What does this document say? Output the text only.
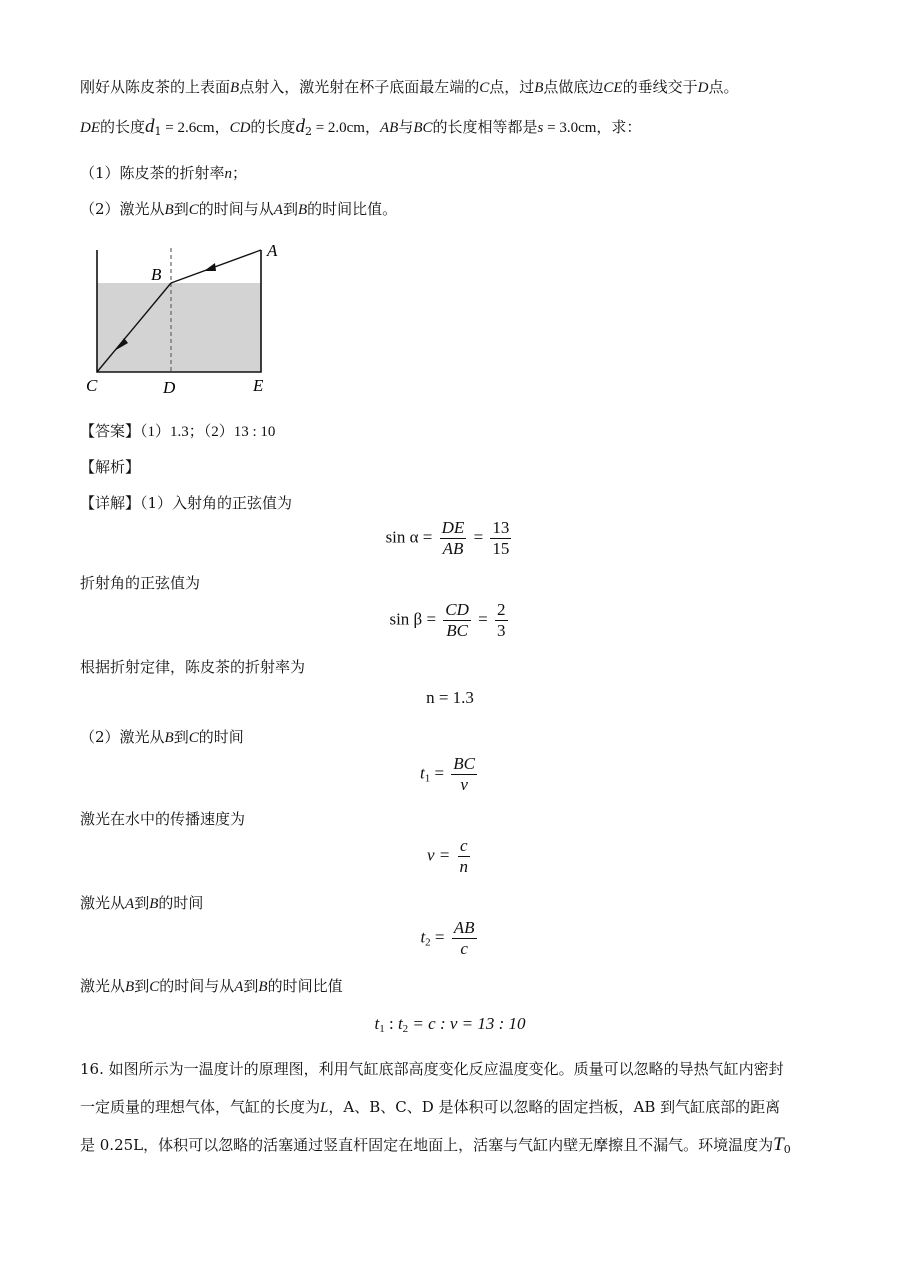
刚好从陈皮茶的上表面B点射入，激光射在杯子底面最左端的C点，过B点做底边CE的垂线交于D点。
DE的长度$d_1 = 2.6cm$，CD的长度$d_2 = 2.0cm$，AB与BC的长度相等都是s = 3.0cm，求：
（1）陈皮茶的折射率n；
（2）激光从B到C的时间与从A到B的时间比值。
A
B
C	D	E
【答案】（1）1.3；（2）13 : 10
【解析】
【详解】（1）入射角的正弦值为
$\sin \alpha = \frac{DE}{AB} = \frac{13}{15}$
折射角的正弦值为
$\sin \beta = \frac{CD}{BC} = \frac{2}{3}$
根据折射定律，陈皮茶的折射率为
n = 1.3
（2）激光从B到C的时间
$t_1 = \frac{BC}{v}$
激光在水中的传播速度为
$v = \frac{c}{n}$
激光从A到B的时间
$t_2 = \frac{AB}{c}$
激光从B到C的时间与从A到B的时间比值
$t_1$ : $t_2 = c$ : v = 13 : 10
16. 如图所示为一温度计的原理图，利用气缸底部高度变化反应温度变化。质量可以忽略的导热气缸内密封
一定质量的理想气体，气缸的长度为L，A、B、C、D 是体积可以忽略的固定挡板，AB 到气缸底部的距离
是 0.25L，体积可以忽略的活塞通过竖直杆固定在地面上，活塞与气缸内壁无摩擦且不漏气。环境温度为$T_0$
